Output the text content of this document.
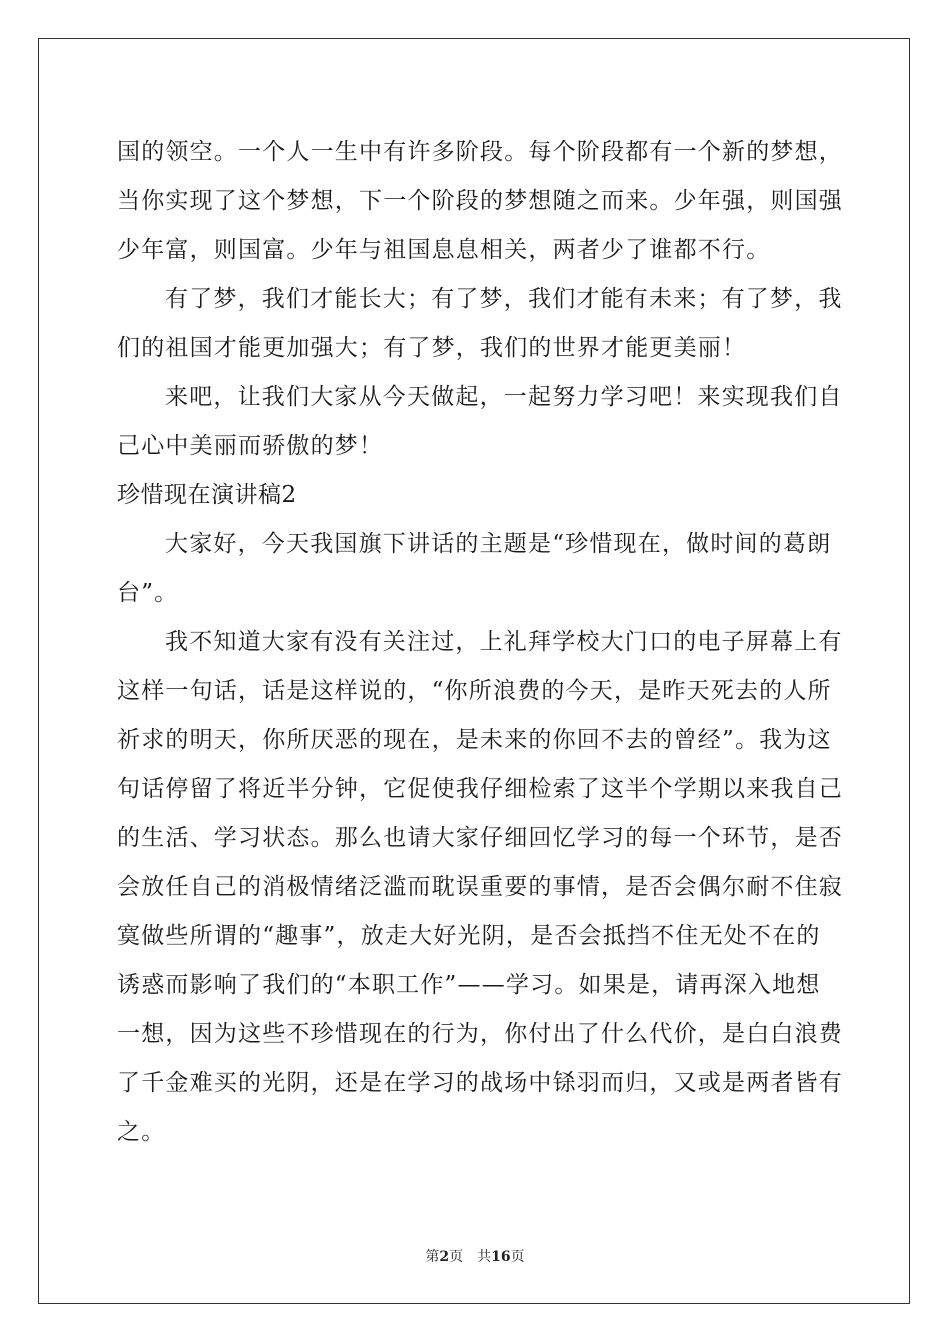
国的领空。一个人一生中有许多阶段。每个阶段都有一个新的梦想，
当你实现了这个梦想，下一个阶段的梦想随之而来。少年强，则国强
少年富，则国富。少年与祖国息息相关，两者少了谁都不行。
有了梦，我们才能长大；有了梦，我们才能有未来；有了梦，我
们的祖国才能更加强大；有了梦，我们的世界才能更美丽！
来吧，让我们大家从今天做起，一起努力学习吧！来实现我们自
己心中美丽而骄傲的梦！
珍惜现在演讲稿2
大家好，今天我国旗下讲话的主题是“珍惜现在，做时间的葛朗
台”。
我不知道大家有没有关注过，上礼拜学校大门口的电子屏幕上有
这样一句话，话是这样说的，“你所浪费的今天，是昨天死去的人所
祈求的明天，你所厌恶的现在，是未来的你回不去的曾经”。我为这
句话停留了将近半分钟，它促使我仔细检索了这半个学期以来我自己
的生活、学习状态。那么也请大家仔细回忆学习的每一个环节，是否
会放任自己的消极情绪泛滥而耽误重要的事情，是否会偶尔耐不住寂
寞做些所谓的“趣事”，放走大好光阴，是否会抵挡不住无处不在的
诱惑而影响了我们的“本职工作”——学习。如果是，请再深入地想
一想，因为这些不珍惜现在的行为，你付出了什么代价，是白白浪费
了千金难买的光阴，还是在学习的战场中铩羽而归，又或是两者皆有
之。
第2页　共16页
